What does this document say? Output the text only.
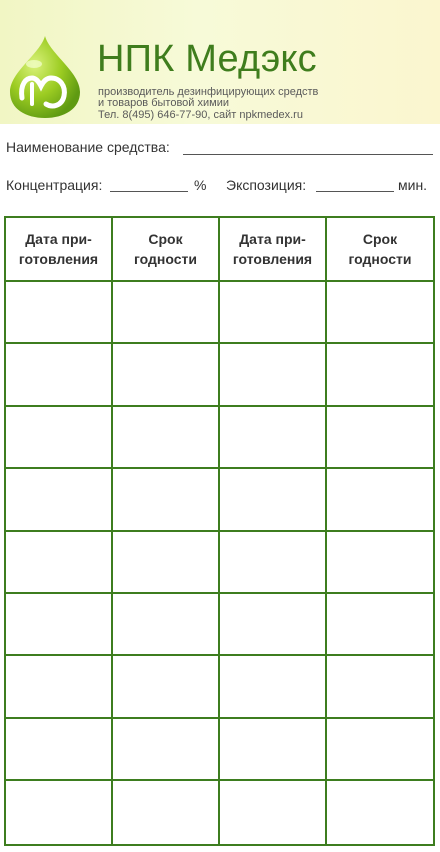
НПК Медэкс
производитель дезинфицирующих средств
и товаров бытовой химии
Тел. 8(495) 646-77-90, сайт npkmedex.ru
Наименование средства:
Концентрация:	% Экспозиция:	мин.
Дата при-
готовления
Срок
годности
Дата при-
готовления
Срок
годности
